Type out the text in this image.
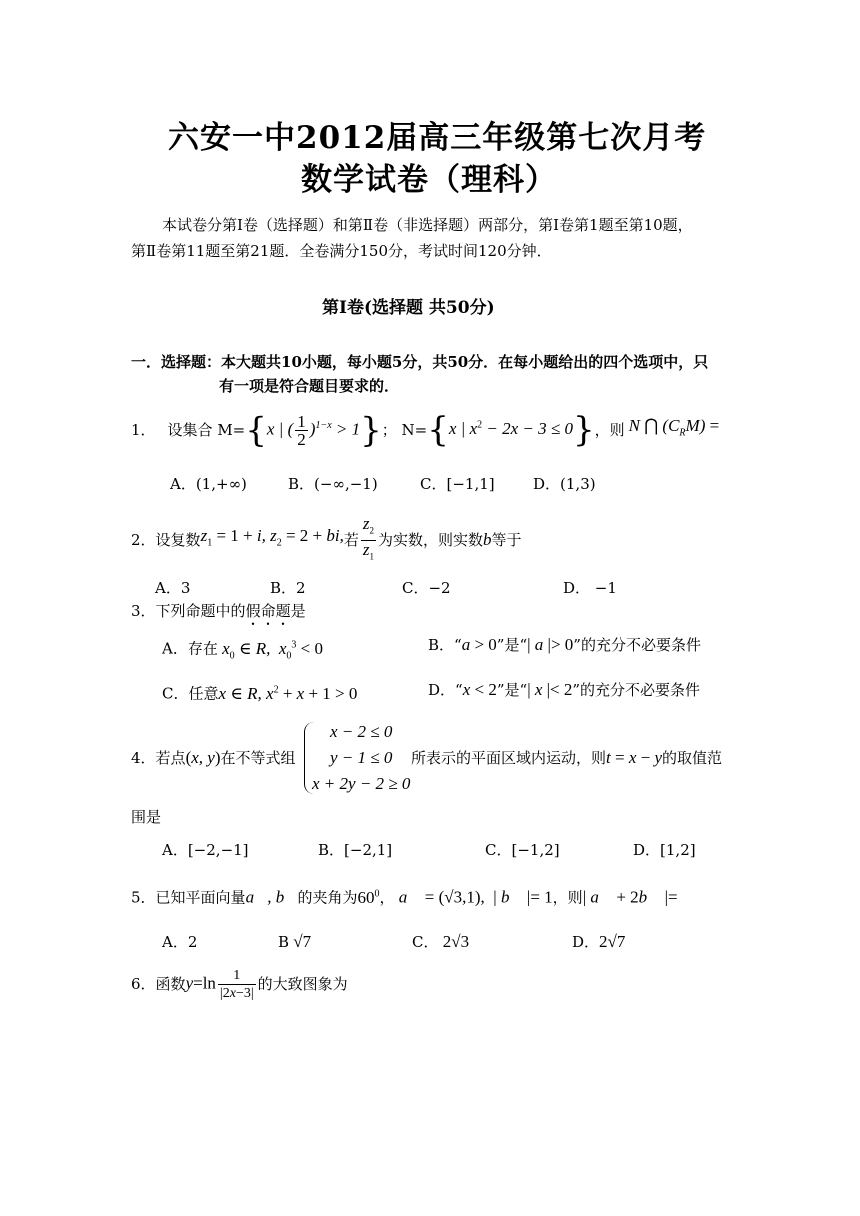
六安一中2012届高三年级第七次月考
数学试卷（理科）
本试卷分第Ⅰ卷（选择题）和第Ⅱ卷（非选择题）两部分，第Ⅰ卷第1题至第10题，
第Ⅱ卷第11题至第21题．全卷满分150分，考试时间120分钟．
第Ⅰ卷(选择题 共50分)
一．选择题：本大题共10小题，每小题5分，共50分．在每小题给出的四个选项中，只
有一项是符合题目要求的．
1． 设集合 M= {x | ( $\frac{1}{2} )^{1-x} > 1$} ； N= {x | $x^2 - 2x - 3 \le 0$} ，则 N ⋂ $(C_RM)$ =
A．(1,+∞)	B．(−∞,−1)	C．[−1,1]	D．(1,3)
2． 设复数 $z_1 = 1 + i$, $z_2 = 2$ + bi, 若 $\frac{z_2}{z_1}$ 为实数，则实数 b 等于
A．3	B．2	C．−2	D． −1
3．下列命题中的假命题是
A．存在 $x_0$ ∈ R,  $x_0^3 < 0$	B．“a > 0”是“| a |> 0”的充分不必要条件
C．任意x ∈ R, $x^2 + x + 1 > 0$	D．“x < 2”是“| x |< 2”的充分不必要条件
4．若点(x, y)在不等式组
x − 2 ≤ 0
y − 1 ≤ 0
x + 2y − 2 ≥ 0
所表示的平面区域内运动，则t = x − y的取值范
围是
A．[−2,−1]	B．[−2,1]	C．[−1,2]	D．[1,2]
5．已知平面向量a⃗, b⃗的夹角为$60^0$， a⃗ = (√3,1),  | b⃗ |= 1，则| a⃗ + 2b⃗ |=
A．2	B √7	C． 2√3	D．2√7
6． 函数 $y=\ln \frac{1}{|2x-3|}$ 的大致图象为
